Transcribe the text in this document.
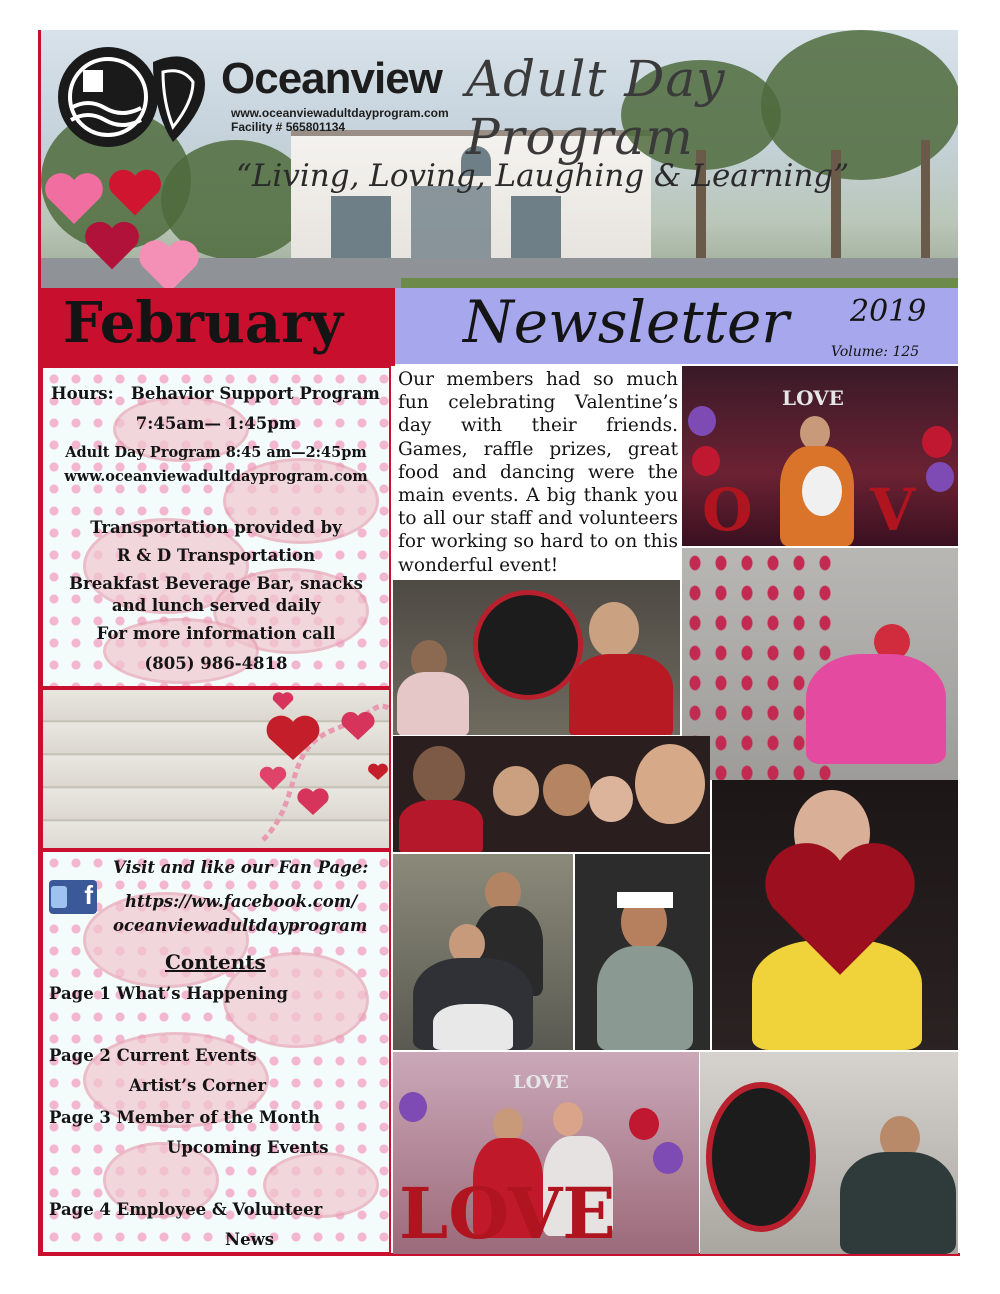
Oceanview Adult Day Program
www.oceanviewadultdayprogram.com
Facility # 565801134
“Living, Loving, Laughing & Learning”
February Newsletter 2019
Volume: 125
Hours: Behavior Support Program
7:45am— 1:45pm
Adult Day Program 8:45 am—2:45pm
www.oceanviewadultdayprogram.com
Transportation provided by
R & D Transportation
Breakfast Beverage Bar, snacks
and lunch served daily
For more information call
(805) 986-4818
Visit and like our Fan Page:
f https://ww.facebook.com/
oceanviewadultdayprogram
Contents
Page 1 What’s Happening
Page 2 Current Events
Artist’s Corner
Page 3 Member of the Month
Upcoming Events
Page 4 Employee & Volunteer
News
Our members had so much fun celebrating Valentine’s day with their friends. Games, raffle prizes, great food and dancing were the main events. A big thank you to all our staff and volunteers for working so hard to on this wonderful event!
LOVE
O V
LOVE
LOVE
